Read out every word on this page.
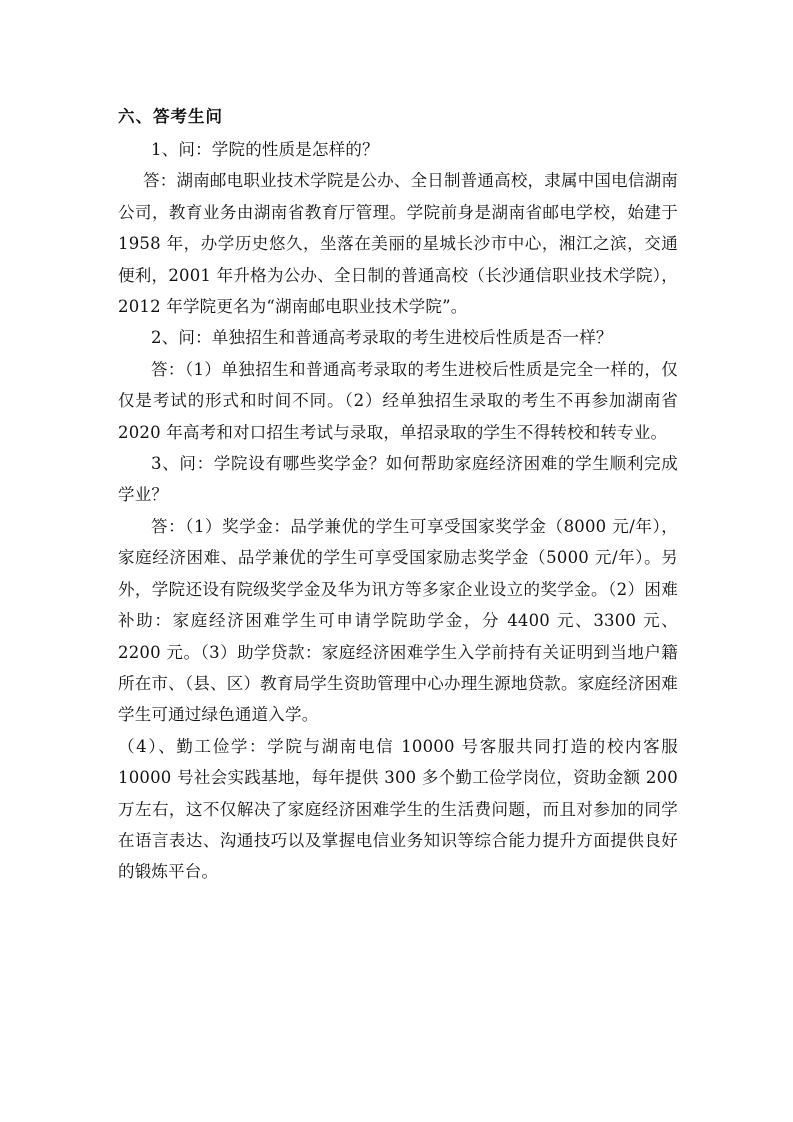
六、答考生问

1、问：学院的性质是怎样的？

答：湖南邮电职业技术学院是公办、全日制普通高校，隶属中国电信湖南公司，教育业务由湖南省教育厅管理。学院前身是湖南省邮电学校，始建于 1958 年，办学历史悠久，坐落在美丽的星城长沙市中心，湘江之滨，交通便利，2001 年升格为公办、全日制的普通高校（长沙通信职业技术学院），2012 年学院更名为“湖南邮电职业技术学院”。

2、问：单独招生和普通高考录取的考生进校后性质是否一样？

答：（1）单独招生和普通高考录取的考生进校后性质是完全一样的，仅仅是考试的形式和时间不同。（2）经单独招生录取的考生不再参加湖南省 2020 年高考和对口招生考试与录取，单招录取的学生不得转校和转专业。

3、问：学院设有哪些奖学金？如何帮助家庭经济困难的学生顺利完成学业？

答：（1）奖学金：品学兼优的学生可享受国家奖学金（8000 元/年），家庭经济困难、品学兼优的学生可享受国家励志奖学金（5000 元/年）。另外，学院还设有院级奖学金及华为讯方等多家企业设立的奖学金。（2）困难补助：家庭经济困难学生可申请学院助学金，分 4400 元、3300 元、2200 元。（3）助学贷款：家庭经济困难学生入学前持有关证明到当地户籍所在市、（县、区）教育局学生资助管理中心办理生源地贷款。家庭经济困难学生可通过绿色通道入学。

（4）、勤工俭学：学院与湖南电信 10000 号客服共同打造的校内客服 10000 号社会实践基地，每年提供 300 多个勤工俭学岗位，资助金额 200 万左右，这不仅解决了家庭经济困难学生的生活费问题，而且对参加的同学在语言表达、沟通技巧以及掌握电信业务知识等综合能力提升方面提供良好的锻炼平台。
